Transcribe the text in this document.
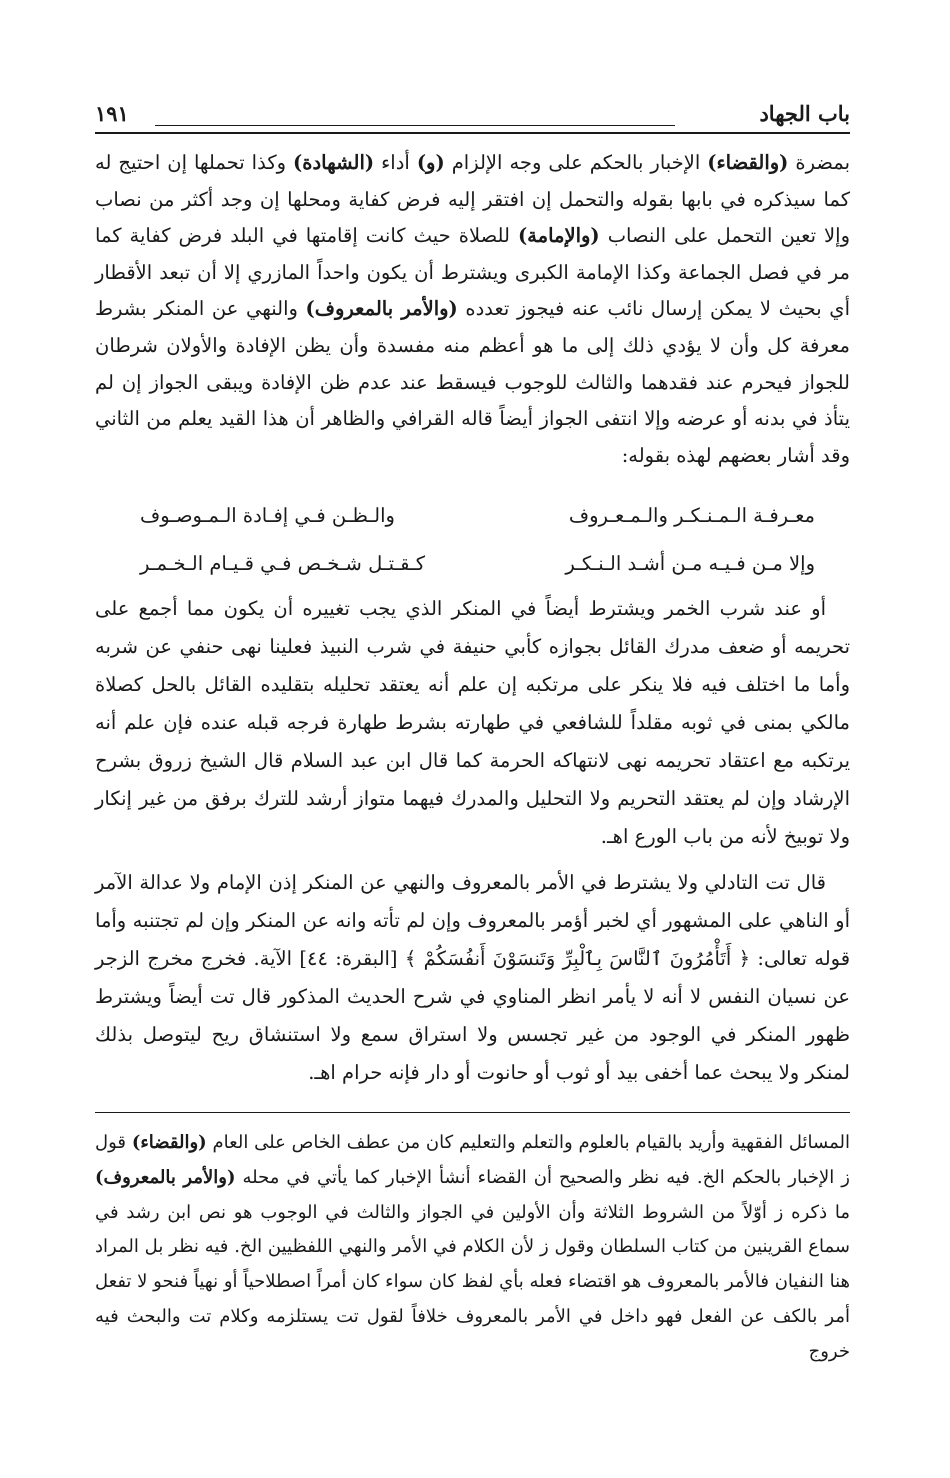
باب الجهاد
١٩١

بمضرة (والقضاء) الإخبار بالحكم على وجه الإلزام (و) أداء (الشهادة) وكذا تحملها إن احتيج له كما سيذكره في بابها بقوله والتحمل إن افتقر إليه فرض كفاية ومحلها إن وجد أكثر من نصاب وإلا تعين التحمل على النصاب (والإمامة) للصلاة حيث كانت إقامتها في البلد فرض كفاية كما مر في فصل الجماعة وكذا الإمامة الكبرى ويشترط أن يكون واحداً المازري إلا أن تبعد الأقطار أي بحيث لا يمكن إرسال نائب عنه فيجوز تعدده (والأمر بالمعروف) والنهي عن المنكر بشرط معرفة كل وأن لا يؤدي ذلك إلى ما هو أعظم منه مفسدة وأن يظن الإفادة والأولان شرطان للجواز فيحرم عند فقدهما والثالث للوجوب فيسقط عند عدم ظن الإفادة ويبقى الجواز إن لم يتأذ في بدنه أو عرضه وإلا انتفى الجواز أيضاً قاله القرافي والظاهر أن هذا القيد يعلم من الثاني وقد أشار بعضهم لهذه بقوله:

معـرفـة الـمـنـكـر والـمـعـروف
والـظـن فـي إفـادة الـمـوصـوف
وإلا مـن فـيـه مـن أشـد الـنـكـر
كـقـتـل شـخـص فـي قـيـام الـخـمـر

أو عند شرب الخمر ويشترط أيضاً في المنكر الذي يجب تغييره أن يكون مما أجمع على تحريمه أو ضعف مدرك القائل بجوازه كأبي حنيفة في شرب النبيذ فعلينا نهى حنفي عن شربه وأما ما اختلف فيه فلا ينكر على مرتكبه إن علم أنه يعتقد تحليله بتقليده القائل بالحل كصلاة مالكي بمنى في ثوبه مقلداً للشافعي في طهارته بشرط طهارة فرجه قبله عنده فإن علم أنه يرتكبه مع اعتقاد تحريمه نهى لانتهاكه الحرمة كما قال ابن عبد السلام قال الشيخ زروق بشرح الإرشاد وإن لم يعتقد التحريم ولا التحليل والمدرك فيهما متواز أرشد للترك برفق من غير إنكار ولا توبيخ لأنه من باب الورع اهـ.

قال تت التادلي ولا يشترط في الأمر بالمعروف والنهي عن المنكر إذن الإمام ولا عدالة الآمر أو الناهي على المشهور أي لخبر أؤمر بالمعروف وإن لم تأته وانه عن المنكر وإن لم تجتنبه وأما قوله تعالى: ﴿ أَتَأْمُرُونَ ٱلنَّاسَ بِٱلْبِرِّ وَتَنسَوْنَ أَنفُسَكُمْ ﴾ [البقرة: ٤٤] الآية. فخرج مخرج الزجر عن نسيان النفس لا أنه لا يأمر انظر المناوي في شرح الحديث المذكور قال تت أيضاً ويشترط ظهور المنكر في الوجود من غير تجسس ولا استراق سمع ولا استنشاق ريح ليتوصل بذلك لمنكر ولا يبحث عما أخفى بيد أو ثوب أو حانوت أو دار فإنه حرام اهـ.

المسائل الفقهية وأريد بالقيام بالعلوم والتعلم والتعليم كان من عطف الخاص على العام (والقضاء) قول ز الإخبار بالحكم الخ. فيه نظر والصحيح أن القضاء أنشأ الإخبار كما يأتي في محله (والأمر بالمعروف) ما ذكره ز أوّلاً من الشروط الثلاثة وأن الأولين في الجواز والثالث في الوجوب هو نص ابن رشد في سماع القرينين من كتاب السلطان وقول ز لأن الكلام في الأمر والنهي اللفظيين الخ. فيه نظر بل المراد هنا النفيان فالأمر بالمعروف هو اقتضاء فعله بأي لفظ كان سواء كان أمراً اصطلاحياً أو نهياً فنحو لا تفعل أمر بالكف عن الفعل فهو داخل في الأمر بالمعروف خلافاً لقول تت يستلزمه وكلام تت والبحث فيه خروج
